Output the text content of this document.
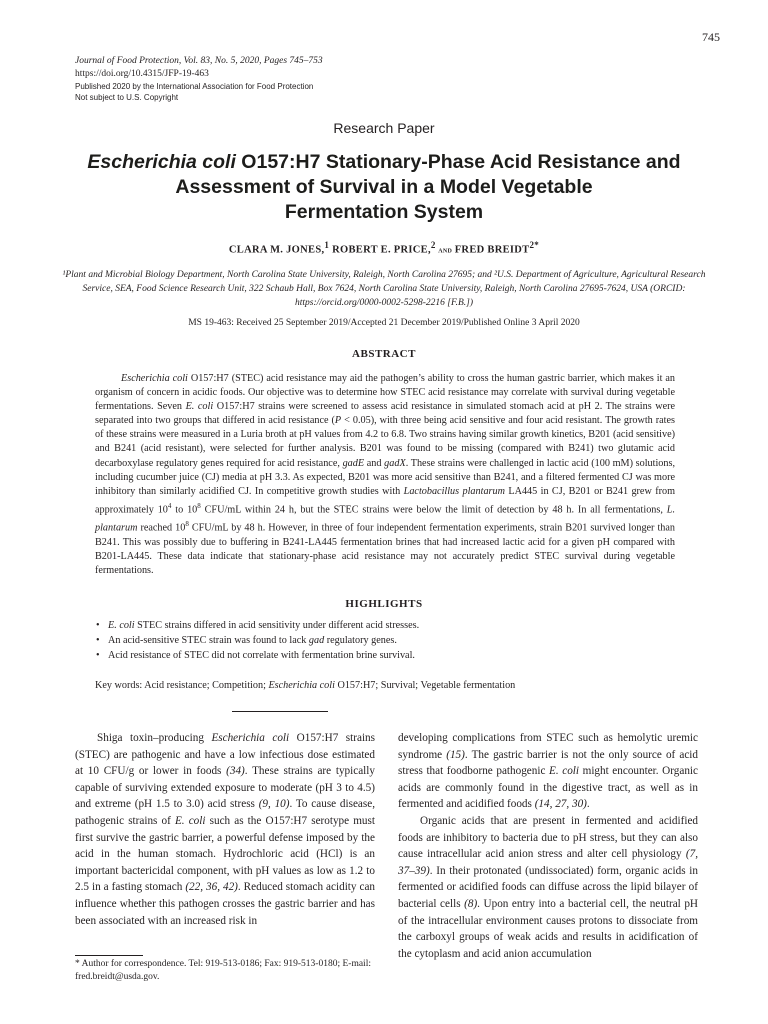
745
Journal of Food Protection, Vol. 83, No. 5, 2020, Pages 745–753
https://doi.org/10.4315/JFP-19-463
Published 2020 by the International Association for Food Protection
Not subject to U.S. Copyright
Research Paper
Escherichia coli O157:H7 Stationary-Phase Acid Resistance and
Assessment of Survival in a Model Vegetable
Fermentation System
CLARA M. JONES,$^1$ ROBERT E. PRICE,$^2$ and FRED $BREIDT^{2*}$
¹Plant and Microbial Biology Department, North Carolina State University, Raleigh, North Carolina 27695; and ²U.S. Department of Agriculture, Agricultural Research Service, SEA, Food Science Research Unit, 322 Schaub Hall, Box 7624, North Carolina State University, Raleigh, North Carolina 27695-7624, USA (ORCID: https://orcid.org/0000-0002-5298-2216 [F.B.])
MS 19-463: Received 25 September 2019/Accepted 21 December 2019/Published Online 3 April 2020
ABSTRACT
Escherichia coli O157:H7 (STEC) acid resistance may aid the pathogen’s ability to cross the human gastric barrier, which makes it an organism of concern in acidic foods. Our objective was to determine how STEC acid resistance may correlate with survival during vegetable fermentations. Seven E. coli O157:H7 strains were screened to assess acid resistance in simulated stomach acid at pH 2. The strains were separated into two groups that differed in acid resistance (P < 0.05), with three being acid sensitive and four acid resistant. The growth rates of these strains were measured in a Luria broth at pH values from 4.2 to 6.8. Two strains having similar growth kinetics, B201 (acid sensitive) and B241 (acid resistant), were selected for further analysis. B201 was found to be missing (compared with B241) two glutamic acid decarboxylase regulatory genes required for acid resistance, gadE and gadX. These strains were challenged in lactic acid (100 mM) solutions, including cucumber juice (CJ) media at pH 3.3. As expected, B201 was more acid sensitive than B241, and a filtered fermented CJ was more inhibitory than similarly acidified CJ. In competitive growth studies with Lactobacillus plantarum LA445 in CJ, B201 or B241 grew from approximately $10^4$ to $10^8$ CFU/mL within 24 h, but the STEC strains were below the limit of detection by 48 h. In all fermentations, L. plantarum reached $10^8$ CFU/mL by 48 h. However, in three of four independent fermentation experiments, strain B201 survived longer than B241. This was possibly due to buffering in B241-LA445 fermentation brines that had increased lactic acid for a given pH compared with B201-LA445. These data indicate that stationary-phase acid resistance may not accurately predict STEC survival during vegetable fermentations.
HIGHLIGHTS
• E. coli STEC strains differed in acid sensitivity under different acid stresses.
• An acid-sensitive STEC strain was found to lack gad regulatory genes.
• Acid resistance of STEC did not correlate with fermentation brine survival.
Key words: Acid resistance; Competition; Escherichia coli O157:H7; Survival; Vegetable fermentation

Shiga toxin–producing Escherichia coli O157:H7 strains (STEC) are pathogenic and have a low infectious dose estimated at 10 CFU/g or lower in foods (34). These strains are typically capable of surviving extended exposure to moderate (pH 3 to 4.5) and extreme (pH 1.5 to 3.0) acid stress (9, 10). To cause disease, pathogenic strains of E. coli such as the O157:H7 serotype must first survive the gastric barrier, a powerful defense imposed by the acid in the human stomach. Hydrochloric acid (HCl) is an important bactericidal component, with pH values as low as 1.2 to 2.5 in a fasting stomach (22, 36, 42). Reduced stomach acidity can influence whether this pathogen crosses the gastric barrier and has been associated with an increased risk in

developing complications from STEC such as hemolytic uremic syndrome (15). The gastric barrier is not the only source of acid stress that foodborne pathogenic E. coli might encounter. Organic acids are commonly found in the digestive tract, as well as in fermented and acidified foods (14, 27, 30).

Organic acids that are present in fermented and acidified foods are inhibitory to bacteria due to pH stress, but they can also cause intracellular acid anion stress and alter cell physiology (7, 37–39). In their protonated (undissociated) form, organic acids in fermented or acidified foods can diffuse across the lipid bilayer of bacterial cells (8). Upon entry into a bacterial cell, the neutral pH of the intracellular environment causes protons to dissociate from the carboxyl groups of weak acids and results in acidification of the cytoplasm and acid anion accumulation

* Author for correspondence. Tel: 919-513-0186; Fax: 919-513-0180; E-mail: fred.breidt@usda.gov.
